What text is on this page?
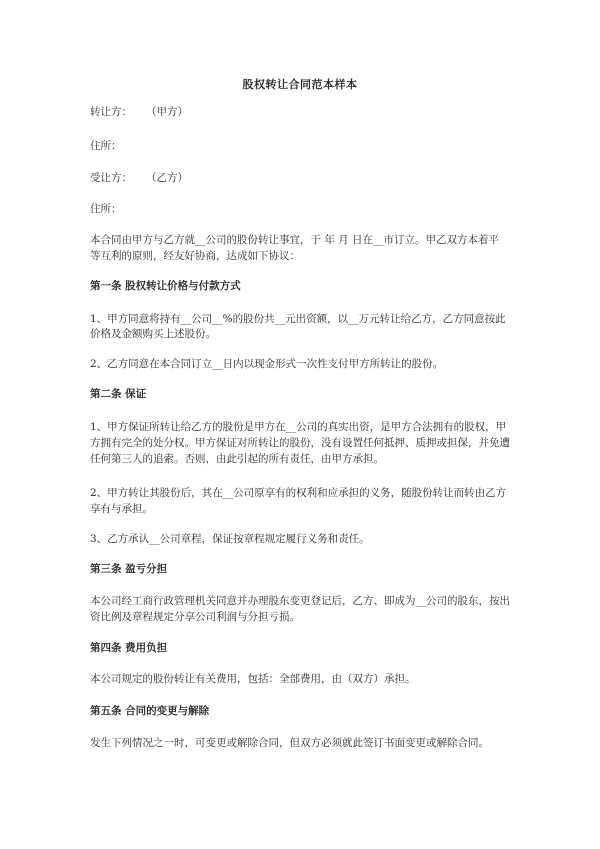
股权转让合同范本样本
转让方： （甲方）
住所：
受让方： （乙方）
住所：
本合同由甲方与乙方就__公司的股份转让事宜，于 年 月 日在__市订立。甲乙双方本着平
等互利的原则，经友好协商，达成如下协议：
第一条 股权转让价格与付款方式
1、甲方同意将持有__公司__%的股份共__元出资额，以__万元转让给乙方，乙方同意按此
价格及金额购买上述股份。
2、乙方同意在本合同订立__日内以现金形式一次性支付甲方所转让的股份。
第二条 保证
1、甲方保证所转让给乙方的股份是甲方在__公司的真实出资，是甲方合法拥有的股权，甲
方拥有完全的处分权。甲方保证对所转让的股份，没有设置任何抵押、质押或担保，并免遭
任何第三人的追索。否则，由此引起的所有责任，由甲方承担。
2、甲方转让其股份后，其在__公司原享有的权利和应承担的义务，随股份转让而转由乙方
享有与承担。
3、乙方承认__公司章程，保证按章程规定履行义务和责任。
第三条 盈亏分担
本公司经工商行政管理机关同意并办理股东变更登记后，乙方、即成为__公司的股东，按出
资比例及章程规定分享公司利润与分担亏损。
第四条 费用负担
本公司规定的股份转让有关费用，包括：全部费用，由（双方）承担。
第五条 合同的变更与解除
发生下列情况之一时，可变更或解除合同，但双方必须就此签订书面变更或解除合同。
